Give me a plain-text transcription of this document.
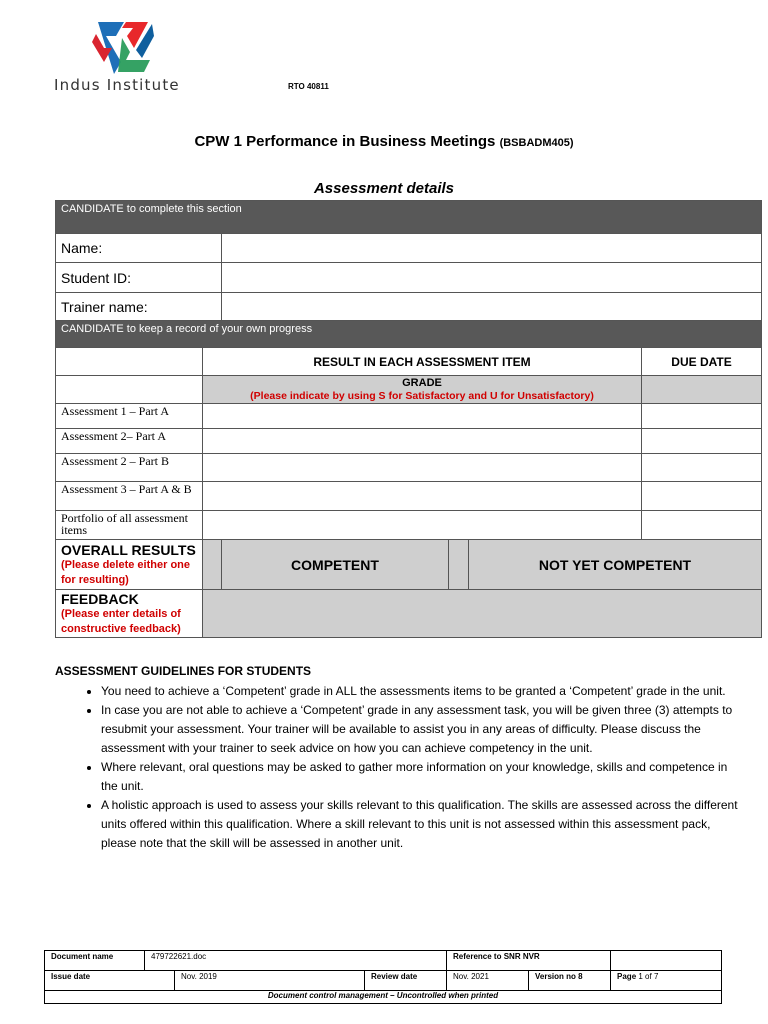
Indus Institute	RTO 40811
CPW 1 Performance in Business Meetings (BSBADM405)
Assessment details
CANDIDATE to complete this section					
Name:					
Student ID:					
Trainer name:					
CANDIDATE to keep a record of your own progress					
	RESULT IN EACH ASSESSMENT ITEM				DUE DATE

	GRADE
(Please indicate by using S for Satisfactory and U for Unsatisfactory)				

Assessment 1 – Part A					
Assessment 2– Part A					
Assessment 2 – Part B					
Assessment 3 – Part A & B					
Portfolio of all assessment items					

OVERALL RESULTS
(Please delete either one for resulting)		COMPETENT		NOT YET COMPETENT	

FEEDBACK
(Please enter details of constructive feedback)					

ASSESSMENT GUIDELINES FOR STUDENTS
• You need to achieve a ‘Competent’ grade in ALL the assessments items to be granted a ‘Competent’ grade in the unit.
• In case you are not able to achieve a ‘Competent’ grade in any assessment task, you will be given three (3) attempts to resubmit your assessment. Your trainer will be available to assist you in any areas of difficulty. Please discuss the assessment with your trainer to seek advice on how you can achieve competency in the unit.
• Where relevant, oral questions may be asked to gather more information on your knowledge, skills and competence in the unit.
• A holistic approach is used to assess your skills relevant to this qualification. The skills are assessed across the different units offered within this qualification. Where a skill relevant to this unit is not assessed within this assessment pack, please note that the skill will be assessed in another unit.
Document name	479722621.doc			Reference to SNR NVR		
Issue date		Nov. 2019	Review date	Nov. 2021	Version no 8	Page 1 of 7
Document control management – Uncontrolled when printed						
